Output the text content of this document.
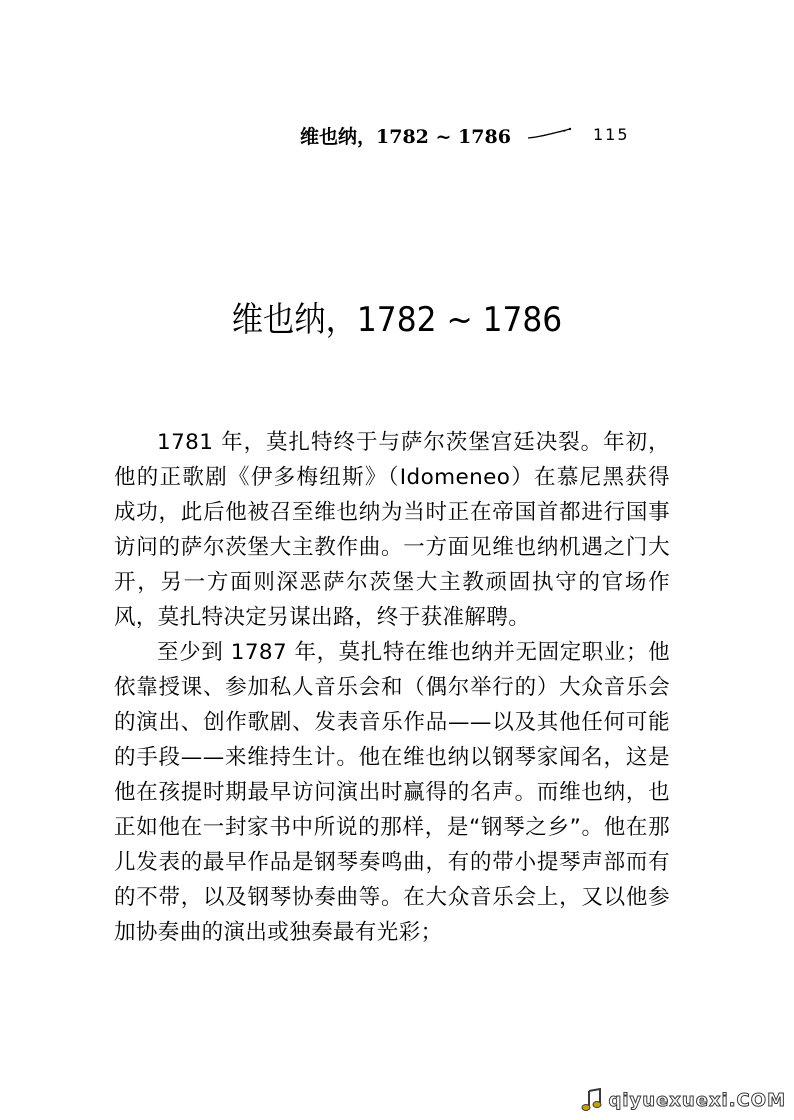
维也纳，1782 ~ 1786	115
维也纳，1782 ~ 1786

1781 年，莫扎特终于与萨尔茨堡宫廷决裂。年初，他的正歌剧《伊多梅纽斯》（Idomeneo）在慕尼黑获得成功，此后他被召至维也纳为当时正在帝国首都进行国事访问的萨尔茨堡大主教作曲。一方面见维也纳机遇之门大开，另一方面则深恶萨尔茨堡大主教顽固执守的官场作风，莫扎特决定另谋出路，终于获准解聘。

至少到 1787 年，莫扎特在维也纳并无固定职业；他依靠授课、参加私人音乐会和（偶尔举行的）大众音乐会的演出、创作歌剧、发表音乐作品——以及其他任何可能的手段——来维持生计。他在维也纳以钢琴家闻名，这是他在孩提时期最早访问演出时赢得的名声。而维也纳，也正如他在一封家书中所说的那样，是“钢琴之乡”。他在那儿发表的最早作品是钢琴奏鸣曲，有的带小提琴声部而有的不带，以及钢琴协奏曲等。在大众音乐会上，又以他参加协奏曲的演出或独奏最有光彩；

qiyuexuexi.COM
